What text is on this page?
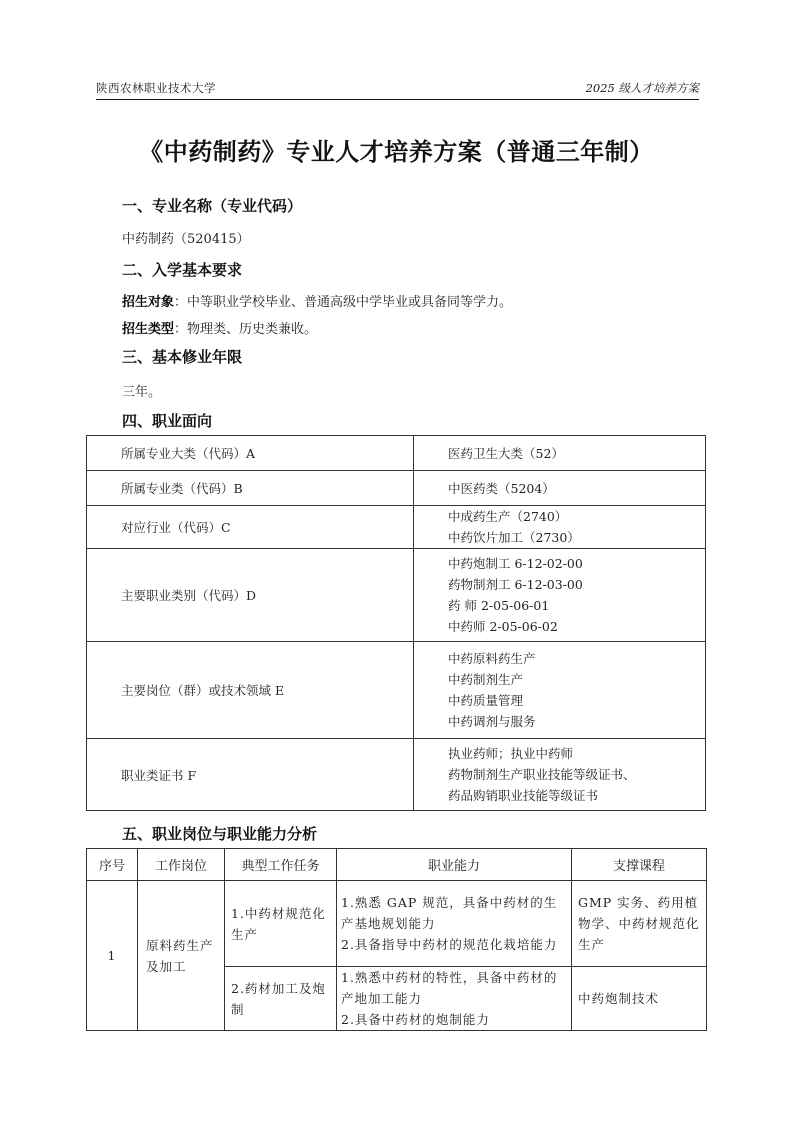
陕西农林职业技术大学	2025 级人才培养方案
《中药制药》专业人才培养方案（普通三年制）
一、专业名称（专业代码）
中药制药（520415）
二、入学基本要求
招生对象：中等职业学校毕业、普通高级中学毕业或具备同等学力。
招生类型：物理类、历史类兼收。
三、基本修业年限
三年。
四、职业面向
所属专业大类（代码）A	医药卫生大类（52）

所属专业类（代码）B	中医药类（5204）

对应行业（代码）C	中成药生产（2740）
中药饮片加工（2730）

主要职业类别（代码）D	中药炮制工 6-12-02-00
药物制剂工 6-12-03-00
药 师 2-05-06-01
中药师 2-05-06-02

主要岗位（群）或技术领域 E	中药原料药生产
中药制剂生产
中药质量管理
中药调剂与服务

职业类证书 F	执业药师；执业中药师
药物制剂生产职业技能等级证书、
药品购销职业技能等级证书
五、职业岗位与职业能力分析
序号	工作岗位	典型工作任务	职业能力	支撑课程
1	原料药生产及加工	1.中药材规范化生产	1.熟悉 GAP 规范，具备中药材的生产基地规划能力
2.具备指导中药材的规范化栽培能力	GMP 实务、药用植物学、中药材规范化生产
		2.药材加工及炮制	1.熟悉中药材的特性，具备中药材的产地加工能力
2.具备中药材的炮制能力	中药炮制技术
